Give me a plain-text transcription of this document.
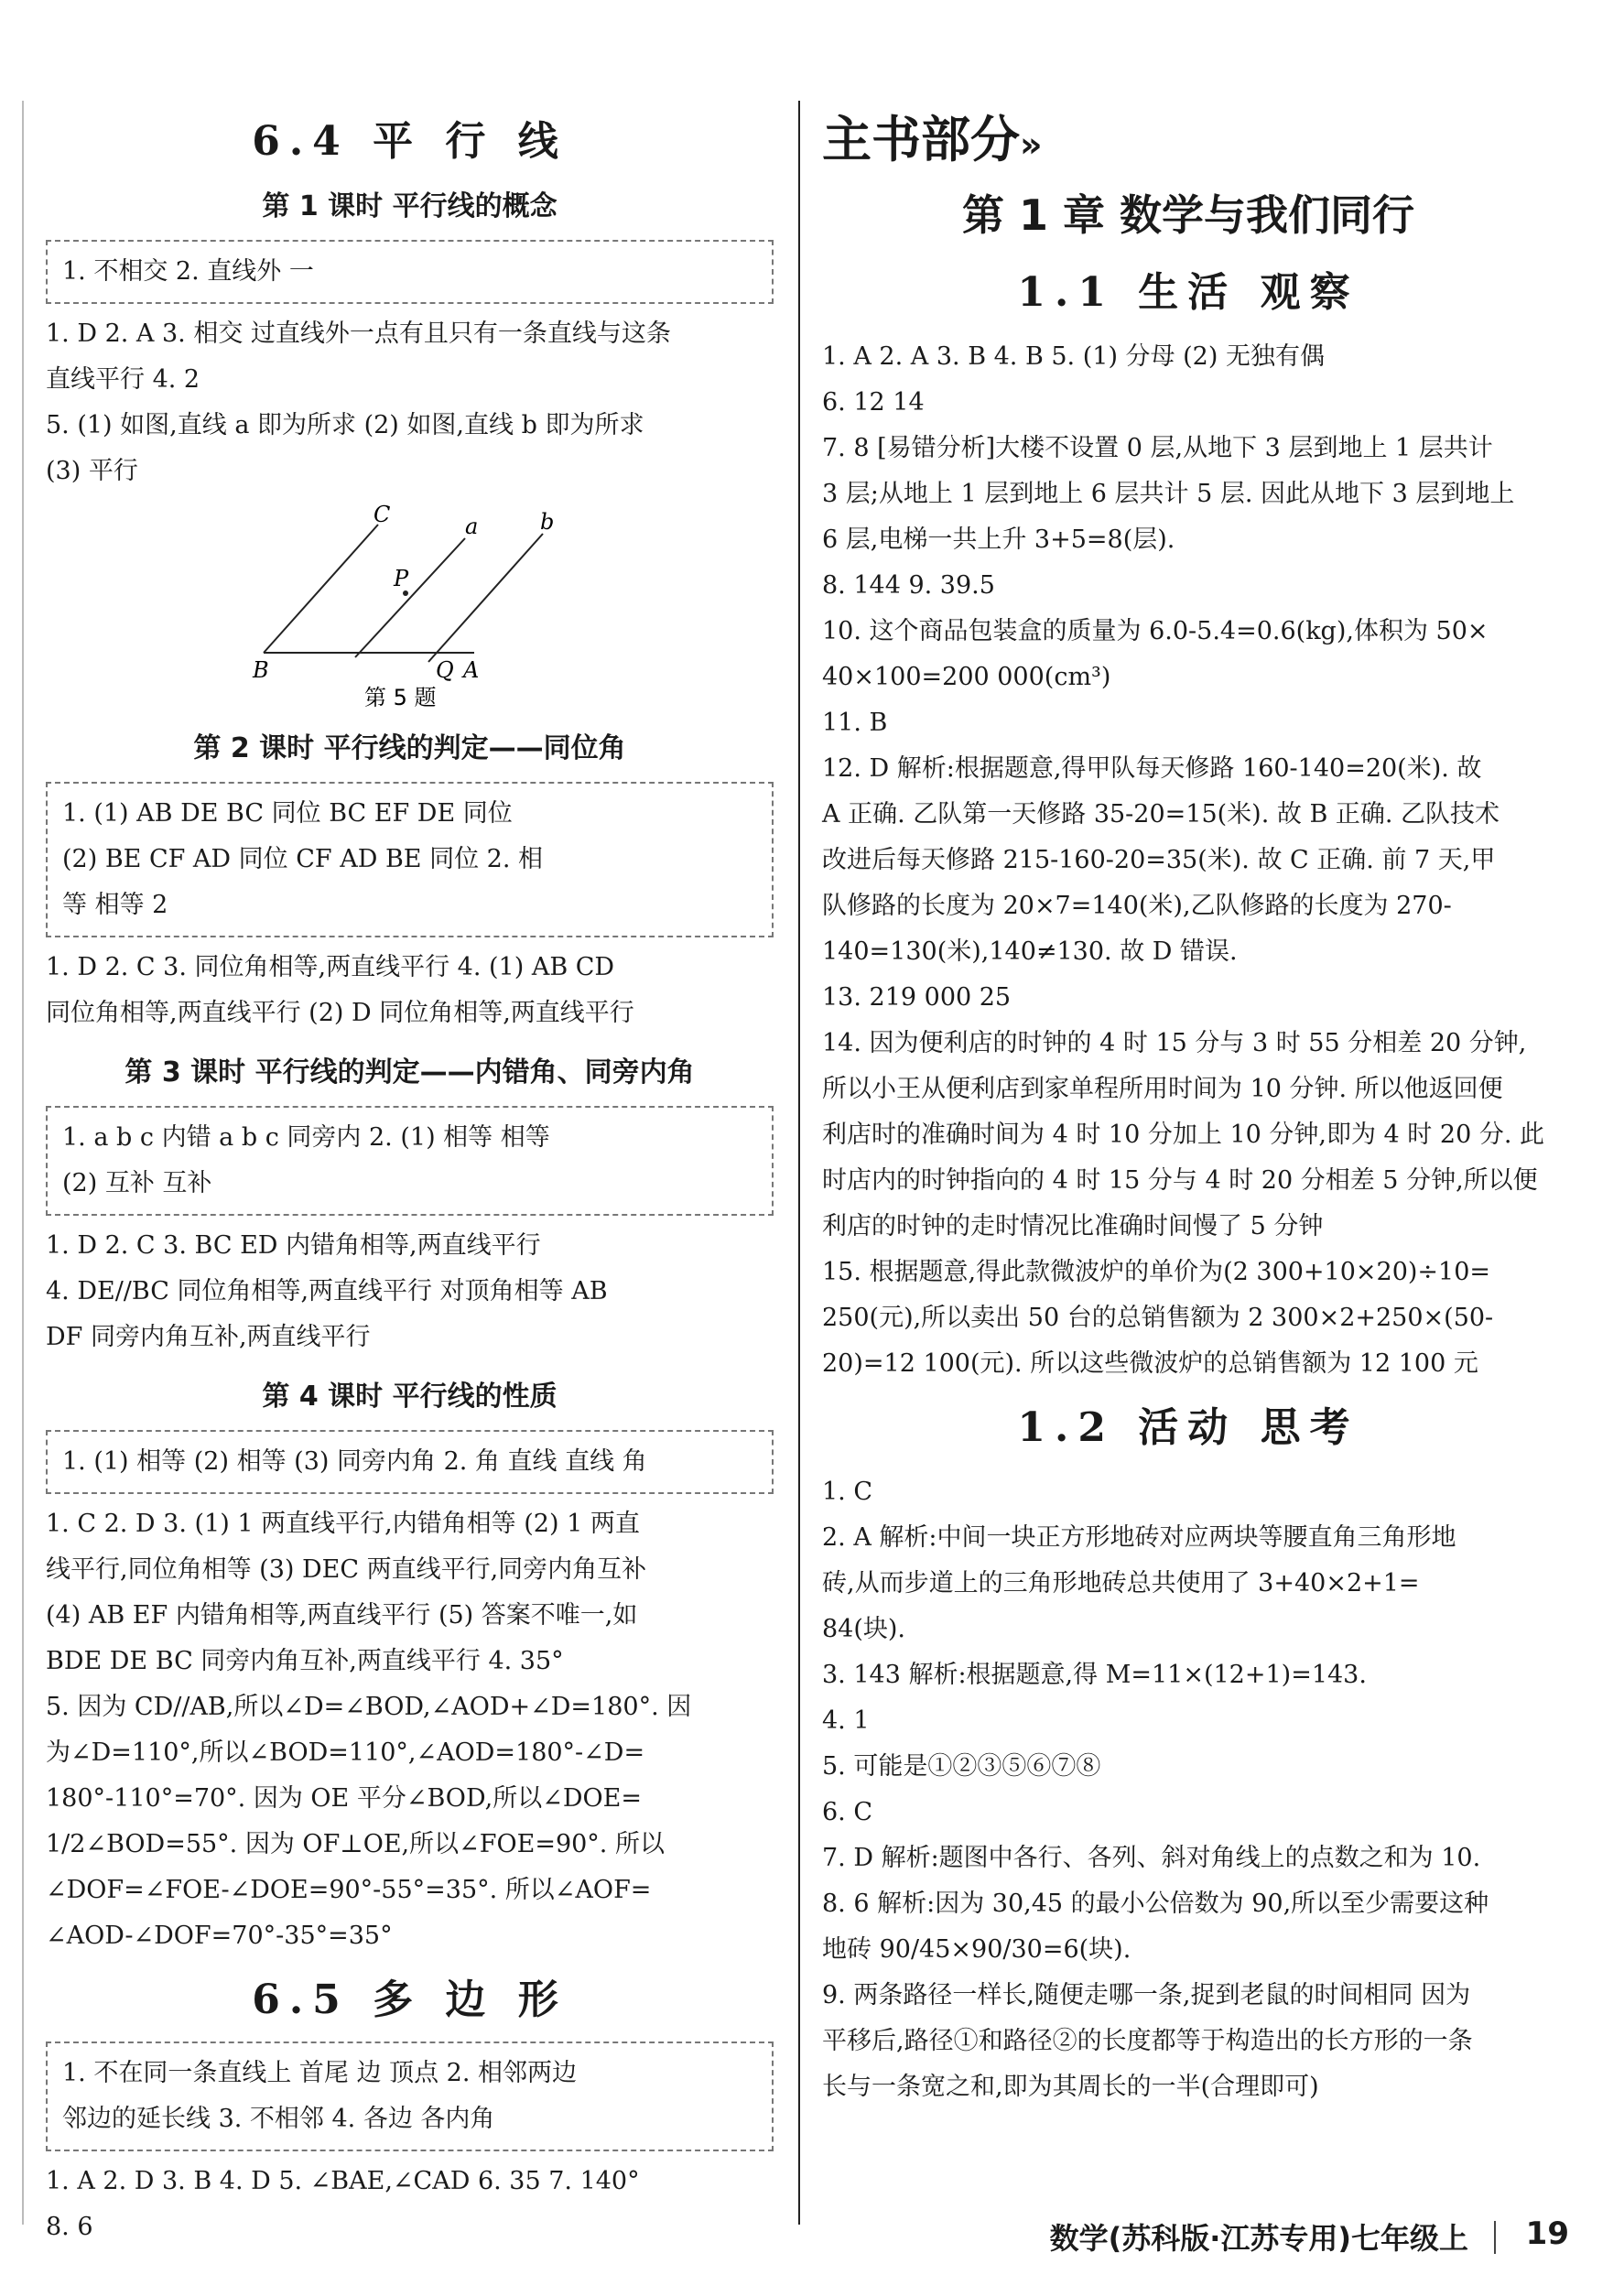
6.4 平 行 线
第 1 课时 平行线的概念
1. 不相交 2. 直线外 一
1. D 2. A 3. 相交 过直线外一点有且只有一条直线与这条
直线平行 4. 2
5. (1) 如图,直线 a 即为所求 (2) 如图,直线 b 即为所求
(3) 平行
C	a	b
P
B	Q A
第 5 题
第 2 课时 平行线的判定——同位角
1. (1) AB DE BC 同位 BC EF DE 同位
(2) BE CF AD 同位 CF AD BE 同位 2. 相
等 相等 2
1. D 2. C 3. 同位角相等,两直线平行 4. (1) AB CD
同位角相等,两直线平行 (2) D 同位角相等,两直线平行
第 3 课时 平行线的判定——内错角、同旁内角
1. a b c 内错 a b c 同旁内 2. (1) 相等 相等
(2) 互补 互补
1. D 2. C 3. BC ED 内错角相等,两直线平行
4. DE//BC 同位角相等,两直线平行 对顶角相等 AB
DF 同旁内角互补,两直线平行
第 4 课时 平行线的性质
1. (1) 相等 (2) 相等 (3) 同旁内角 2. 角 直线 直线 角
1. C 2. D 3. (1) 1 两直线平行,内错角相等 (2) 1 两直
线平行,同位角相等 (3) DEC 两直线平行,同旁内角互补
(4) AB EF 内错角相等,两直线平行 (5) 答案不唯一,如
BDE DE BC 同旁内角互补,两直线平行 4. 35°
5. 因为 CD//AB,所以∠D=∠BOD,∠AOD+∠D=180°. 因
为∠D=110°,所以∠BOD=110°,∠AOD=180°-∠D=
180°-110°=70°. 因为 OE 平分∠BOD,所以∠DOE=
1/2∠BOD=55°. 因为 OF⊥OE,所以∠FOE=90°. 所以
∠DOF=∠FOE-∠DOE=90°-55°=35°. 所以∠AOF=
∠AOD-∠DOF=70°-35°=35°
6.5 多 边 形
1. 不在同一条直线上 首尾 边 顶点 2. 相邻两边
邻边的延长线 3. 不相邻 4. 各边 各内角
1. A 2. D 3. B 4. D 5. ∠BAE,∠CAD 6. 35 7. 140°
8. 6
主书部分»
第 1 章 数学与我们同行
1.1 生活 观察
1. A 2. A 3. B 4. B 5. (1) 分母 (2) 无独有偶
6. 12 14
7. 8 [易错分析]大楼不设置 0 层,从地下 3 层到地上 1 层共计
3 层;从地上 1 层到地上 6 层共计 5 层. 因此从地下 3 层到地上
6 层,电梯一共上升 3+5=8(层).
8. 144 9. 39.5
10. 这个商品包装盒的质量为 6.0-5.4=0.6(kg),体积为 50×
40×100=200 000(cm³)
11. B
12. D 解析:根据题意,得甲队每天修路 160-140=20(米). 故
A 正确. 乙队第一天修路 35-20=15(米). 故 B 正确. 乙队技术
改进后每天修路 215-160-20=35(米). 故 C 正确. 前 7 天,甲
队修路的长度为 20×7=140(米),乙队修路的长度为 270-
140=130(米),140≠130. 故 D 错误.
13. 219 000 25
14. 因为便利店的时钟的 4 时 15 分与 3 时 55 分相差 20 分钟,
所以小王从便利店到家单程所用时间为 10 分钟. 所以他返回便
利店时的准确时间为 4 时 10 分加上 10 分钟,即为 4 时 20 分. 此
时店内的时钟指向的 4 时 15 分与 4 时 20 分相差 5 分钟,所以便
利店的时钟的走时情况比准确时间慢了 5 分钟
15. 根据题意,得此款微波炉的单价为(2 300+10×20)÷10=
250(元),所以卖出 50 台的总销售额为 2 300×2+250×(50-
20)=12 100(元). 所以这些微波炉的总销售额为 12 100 元
1.2 活动 思考
1. C
2. A 解析:中间一块正方形地砖对应两块等腰直角三角形地
砖,从而步道上的三角形地砖总共使用了 3+40×2+1=
84(块).
3. 143 解析:根据题意,得 M=11×(12+1)=143.
4. 1
5. 可能是①②③⑤⑥⑦⑧
6. C
7. D 解析:题图中各行、各列、斜对角线上的点数之和为 10.
8. 6 解析:因为 30,45 的最小公倍数为 90,所以至少需要这种
地砖 90/45×90/30=6(块).
9. 两条路径一样长,随便走哪一条,捉到老鼠的时间相同 因为
平移后,路径①和路径②的长度都等于构造出的长方形的一条
长与一条宽之和,即为其周长的一半(合理即可)
数学(苏科版·江苏专用)七年级上 19
